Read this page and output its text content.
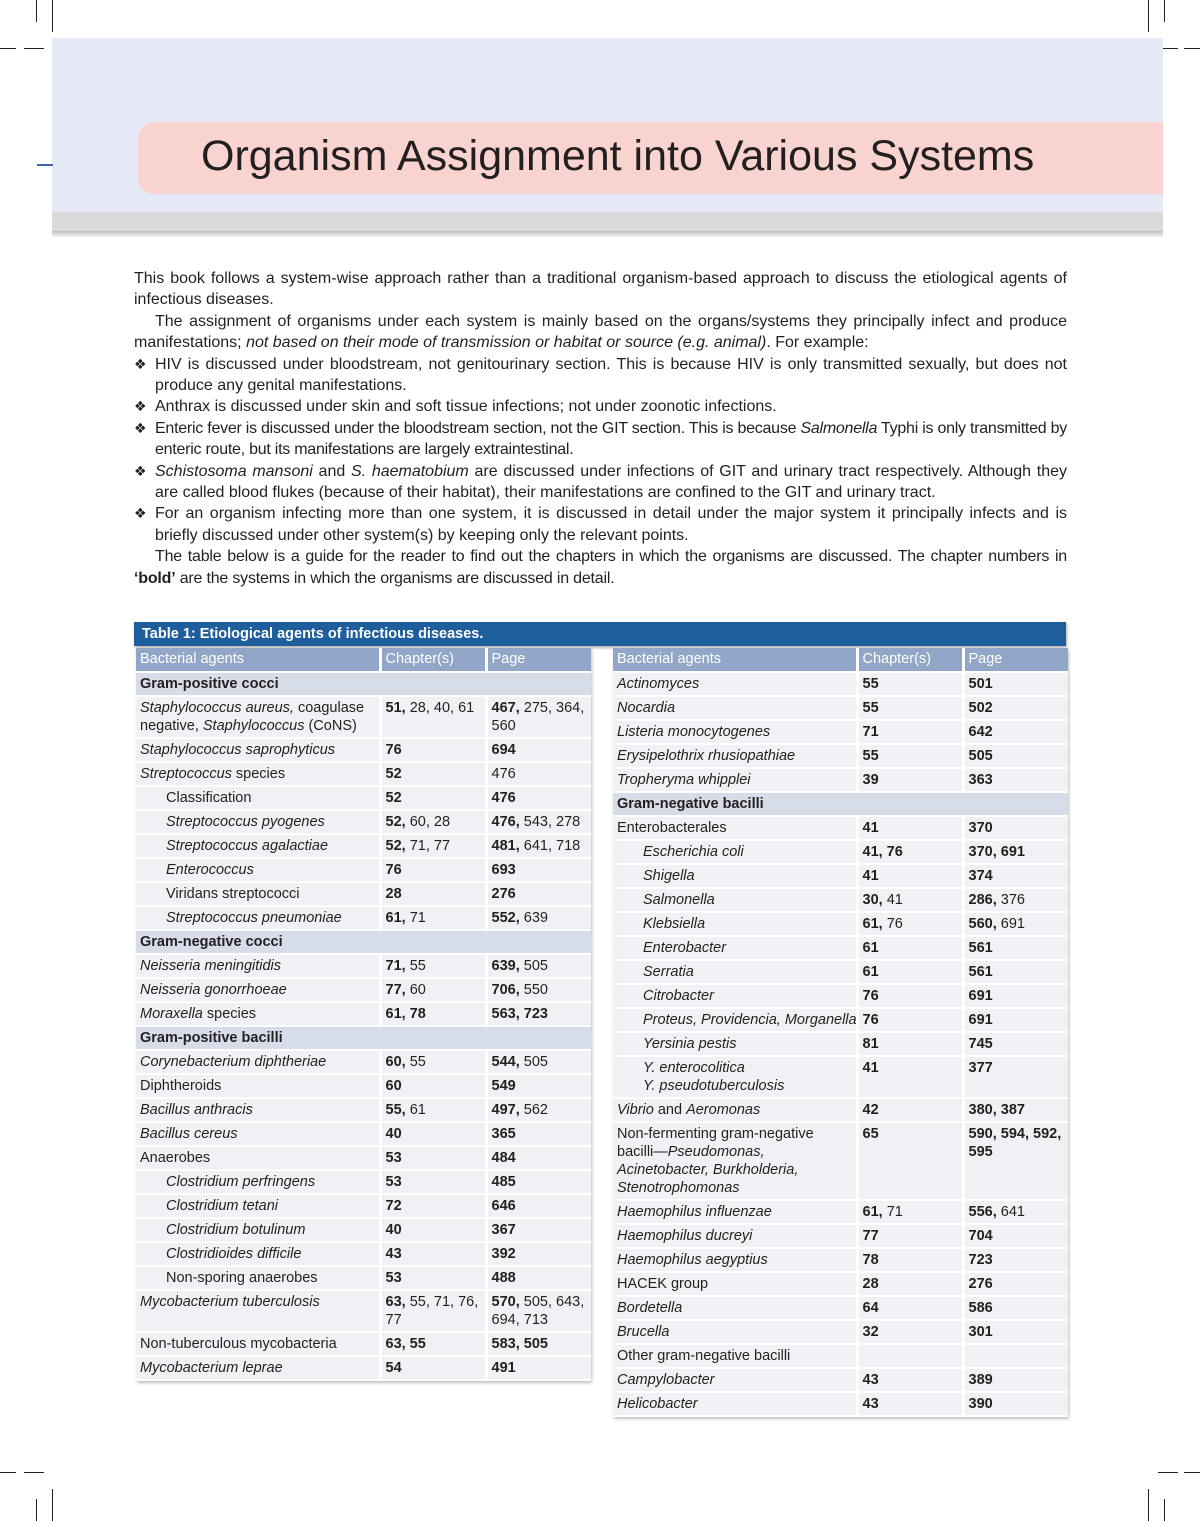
Organism Assignment into Various Systems

This book follows a system-wise approach rather than a traditional organism-based approach to discuss the etiological agents of infectious diseases.

The assignment of organisms under each system is mainly based on the organs/systems they principally infect and produce manifestations; not based on their mode of transmission or habitat or source (e.g. animal). For example:

❖ HIV is discussed under bloodstream, not genitourinary section. This is because HIV is only transmitted sexually, but does not produce any genital manifestations.
❖ Anthrax is discussed under skin and soft tissue infections; not under zoonotic infections.
❖ Enteric fever is discussed under the bloodstream section, not the GIT section. This is because Salmonella Typhi is only transmitted by enteric route, but its manifestations are largely extraintestinal.
❖ Schistosoma mansoni and S. haematobium are discussed under infections of GIT and urinary tract respectively. Although they are called blood flukes (because of their habitat), their manifestations are confined to the GIT and urinary tract.
❖ For an organism infecting more than one system, it is discussed in detail under the major system it principally infects and is briefly discussed under other system(s) by keeping only the relevant points.

The table below is a guide for the reader to find out the chapters in which the organisms are discussed. The chapter numbers in ‘bold’ are the systems in which the organisms are discussed in detail.

Table 1: Etiological agents of infectious diseases.
Bacterial agents	Chapter(s)	Page
Gram-positive cocci		
Staphylococcus aureus, coagulase negative, Staphylococcus (CoNS)	51, 28, 40, 61	467, 275, 364, 560
Staphylococcus saprophyticus	76	694
Streptococcus species	52	476
Classification	52	476
Streptococcus pyogenes	52, 60, 28	476, 543, 278
Streptococcus agalactiae	52, 71, 77	481, 641, 718
Enterococcus	76	693
Viridans streptococci	28	276
Streptococcus pneumoniae	61, 71	552, 639
Gram-negative cocci		
Neisseria meningitidis	71, 55	639, 505
Neisseria gonorrhoeae	77, 60	706, 550
Moraxella species	61, 78	563, 723
Gram-positive bacilli		
Corynebacterium diphtheriae	60, 55	544, 505
Diphtheroids	60	549
Bacillus anthracis	55, 61	497, 562
Bacillus cereus	40	365
Anaerobes	53	484
Clostridium perfringens	53	485
Clostridium tetani	72	646
Clostridium botulinum	40	367
Clostridioides difficile	43	392
Non-sporing anaerobes	53	488
Mycobacterium tuberculosis	63, 55, 71, 76, 77	570, 505, 643, 694, 713
Non-tuberculous mycobacteria	63, 55	583, 505
Mycobacterium leprae	54	491
Bacterial agents	Chapter(s)	Page
Actinomyces	55	501
Nocardia	55	502
Listeria monocytogenes	71	642
Erysipelothrix rhusiopathiae	55	505
Tropheryma whipplei	39	363
Gram-negative bacilli		
Enterobacterales	41	370
Escherichia coli	41, 76	370, 691
Shigella	41	374
Salmonella	30, 41	286, 376
Klebsiella	61, 76	560, 691
Enterobacter	61	561
Serratia	61	561
Citrobacter	76	691
Proteus, Providencia, Morganella	76	691
Yersinia pestis	81	745
Y. enterocolitica
Y. pseudotuberculosis	41	377
Vibrio and Aeromonas	42	380, 387
Non-fermenting gram-negative bacilli—Pseudomonas, Acinetobacter, Burkholderia, Stenotrophomonas	65	590, 594, 592, 595
Haemophilus influenzae	61, 71	556, 641
Haemophilus ducreyi	77	704
Haemophilus aegyptius	78	723
HACEK group	28	276
Bordetella	64	586
Brucella	32	301
Other gram-negative bacilli		
Campylobacter	43	389
Helicobacter	43	390
